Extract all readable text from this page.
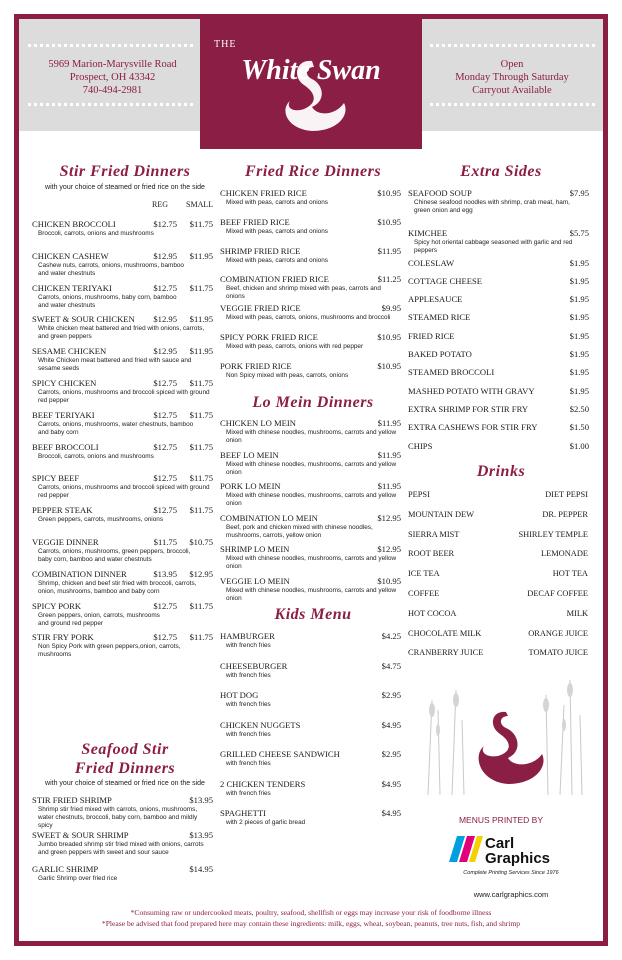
5969 Marion-Marysville Road
Prospect, OH 43342
740-494-2981
THE
White Swan	Open
Monday Through Saturday
Carryout Available
Stir Fried Dinners
with your choice of steamed or fried rice on the side
REG SMALL
CHICKEN BROCCOLI	$12.75 $11.75
Broccoli, carrots, onions and mushrooms
CHICKEN CASHEW	$12.95 $11.95
Cashew nuts, carrots, onions, mushrooms, bamboo
and water chestnuts
CHICKEN TERIYAKI	$12.75 $11.75
Carrots, onions, mushrooms, baby corn, bamboo
and water chestnuts
SWEET & SOUR CHICKEN $12.95 $11.95
White chicken meat battered and fried with onions, carrots,
and green peppers
SESAME CHICKEN	$12.95 $11.95
White Chicken meat battered and fried with sauce and sesame seeds
SPICY CHICKEN	$12.75 $11.75
Carrots, onions, mushrooms and broccoli spiced with ground
red pepper
BEEF TERIYAKI	$12.75 $11.75
Carrots, onions, mushrooms, water chestnuts, bamboo
and baby corn
BEEF BROCCOLI	$12.75 $11.75
Broccoli, carrots, onions and mushrooms
SPICY BEEF	$12.75 $11.75
Carrots, onions, mushrooms and broccoli spiced with ground
red pepper
PEPPER STEAK	$12.75 $11.75
Green peppers, carrots, mushrooms, onions
VEGGIE DINNER	$11.75 $10.75
Carrots, onions, mushrooms, green peppers, broccoli,
baby corn, bamboo and water chestnuts
COMBINATION DINNER	$13.95 $12.95
Shrimp, chicken and beef stir fried with broccoli, carrots,
onion, mushrooms, bamboo and baby corn
SPICY PORK	$12.75 $11.75
Green peppers, onion, carrots, mushrooms
and ground red pepper
STIR FRY PORK	$12.75 $11.75
Non Spicy Pork with green peppers,onion, carrots,
mushrooms
Seafood Stir
Fried Dinners
with your choice of steamed or fried rice on the side
STIR FRIED SHRIMP	$13.95
Shrimp stir fried mixed with carrots, onions, mushrooms,
water chestnuts, broccoli, baby corn, bamboo and mildly spicy
SWEET & SOUR SHRIMP	$13.95
Jumbo breaded shrimp stir fried mixed with onions, carrots
and green peppers with sweet and sour sauce
GARLIC SHRIMP	$14.95
Garlic Shrimp over fried rice
Fried Rice Dinners
CHICKEN FRIED RICE	$10.95
Mixed with peas, carrots and onions
BEEF FRIED RICE	$10.95
Mixed with peas, carrots and onions
SHRIMP FRIED RICE	$11.95
Mixed with peas, carrots and onions
COMBINATION FRIED RICE	$11.25
Beef, chicken and shrimp mixed with peas, carrots and onions
VEGGIE FRIED RICE	$9.95
Mixed with peas, carrots, onions, mushrooms and broccoli
SPICY PORK FRIED RICE	$10.95
Mixed with peas, carrots, onions with red pepper
PORK FRIED RICE	$10.95
Non Spicy mixed with peas, carrots, onions
Lo Mein Dinners
CHICKEN LO MEIN	$11.95
Mixed with chinese noodles, mushrooms, carrots and yellow onion
BEEF LO MEIN	$11.95
Mixed with chinese noodles, mushrooms, carrots and yellow onion
PORK LO MEIN	$11.95
Mixed with chinese noodles, mushrooms, carrots and yellow onion
COMBINATION LO MEIN	$12.95
Beef, pork and chicken mixed with chinese noodles,
mushrooms, carrots, yellow onion
SHRIMP LO MEIN	$12.95
Mixed with chinese noodles, mushrooms, carrots and yellow onion
VEGGIE LO MEIN	$10.95
Mixed with chinese noodles, mushrooms, carrots and yellow onion
Kids Menu
HAMBURGER	$4.25
with french fries
CHEESEBURGER	$4.75
with french fries
HOT DOG	$2.95
with french fries
CHICKEN NUGGETS	$4.95
with french fries
GRILLED CHEESE SANDWICH	$2.95
with french fries
2 CHICKEN TENDERS	$4.95
with french fries
SPAGHETTI	$4.95
with 2 pieces of garlic bread
Extra Sides
SEAFOOD SOUP	$7.95
Chinese seafood noodles with shrimp, crab meat, ham,
green onion and egg
KIMCHEE	$5.75
Spicy hot oriental cabbage seasoned with garlic and red peppers
COLESLAW	$1.95
COTTAGE CHEESE	$1.95
APPLESAUCE	$1.95
STEAMED RICE	$1.95
FRIED RICE	$1.95
BAKED POTATO	$1.95
STEAMED BROCCOLI	$1.95
MASHED POTATO WITH GRAVY	$1.95
EXTRA SHRIMP FOR STIR FRY	$2.50
EXTRA CASHEWS FOR STIR FRY	$1.50
CHIPS	$1.00
Drinks
PEPSI	DIET PEPSI
MOUNTAIN DEW	DR. PEPPER
SIERRA MIST	SHIRLEY TEMPLE
ROOT BEER	LEMONADE
ICE TEA	HOT TEA
COFFEE	DECAF COFFEE
HOT COCOA	MILK
CHOCOLATE MILK	ORANGE JUICE
CRANBERRY JUICE	TOMATO JUICE
MENUS PRINTED BY
Carl
Graphics
Complete Printing Services Since 1976
www.carlgraphics.com
*Consuming raw or undercooked meats, poultry, seafood, shellfish or eggs may increase your risk of foodborne illness
*Please be advised that food prepared here may contain these ingredients: milk, eggs, wheat, soybean, peanuts, tree nuts, fish, and shrimp
